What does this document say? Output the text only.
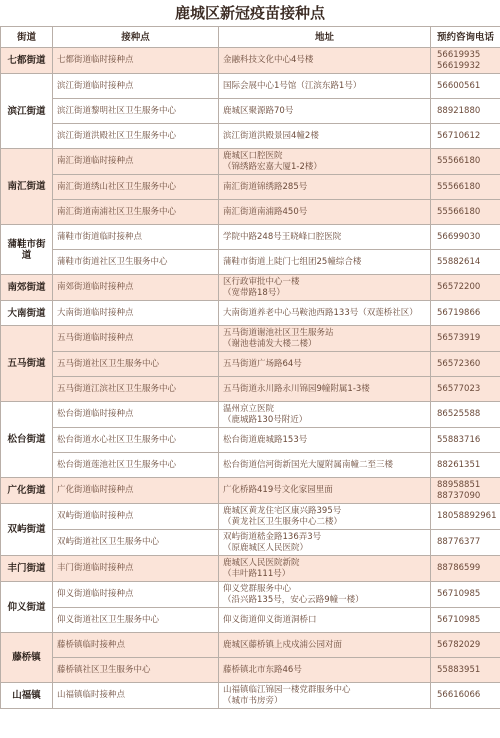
鹿城区新冠疫苗接种点
街道	接种点	地址	预约咨询电话
七都街道	七都街道临时接种点	金融科技文化中心4号楼	56619935
56619932
滨江街道	滨江街道临时接种点	国际会展中心1号馆（江滨东路1号）	56600561
	滨江街道黎明社区卫生服务中心	鹿城区聚源路70号	88921880
	滨江街道洪殿社区卫生服务中心	滨江街道洪殿景园4幢2楼	56710612
南汇街道	南汇街道临时接种点	鹿城区口腔医院
（锦绣路宏嘉大厦1-2楼）	55566180
	南汇街道绣山社区卫生服务中心	南汇街道锦绣路285号	55566180
	南汇街道南浦社区卫生服务中心	南汇街道南浦路450号	55566180
蒲鞋市街道	蒲鞋市街道临时接种点	学院中路248号王晓峰口腔医院	56699030
	蒲鞋市街道社区卫生服务中心	蒲鞋市街道上陡门七组团25幢综合楼	55882614
南郊街道	南郊街道临时接种点	区行政审批中心一楼
（宽带路18号）	56572200
大南街道	大南街道临时接种点	大南街道养老中心马鞍池西路133号（双莲桥社区）	56719866
五马街道	五马街道临时接种点	五马街道谢池社区卫生服务站
（谢池巷浦发大楼二楼）	56573919
	五马街道社区卫生服务中心	五马街道广场路64号	56572360
	五马街道江滨社区卫生服务中心	五马街道永川路永川锦园9幢附属1-3楼	56577023
松台街道	松台街道临时接种点	温州京立医院
（鹿城路130号附近）	86525588
	松台街道水心社区卫生服务中心	松台街道鹿城路153号	55883716
	松台街道莲池社区卫生服务中心	松台街道信河街新国光大厦附属南幢二至三楼	88261351
广化街道	广化街道临时接种点	广化桥路419号文化家园里面	88958851
88737090
双屿街道	双屿街道临时接种点	鹿城区黄龙住宅区康兴路395号
（黄龙社区卫生服务中心二楼）	18058892961
	双屿街道社区卫生服务中心	双屿街道嵇金路136弄3号
（原鹿城区人民医院）	88776377
丰门街道	丰门街道临时接种点	鹿城区人民医院新院
（丰叶路111号）	88786599
仰义街道	仰义街道临时接种点	仰义党群服务中心
（沿兴路135号，安心云路9幢一楼）	56710985
	仰义街道社区卫生服务中心	仰义街道仰义街道洞桥口	56710985
藤桥镇	藤桥镇临时接种点	鹿城区藤桥镇上戍戍浦公园对面	56782029
	藤桥镇社区卫生服务中心	藤桥镇北市东路46号	55883951
山福镇	山福镇临时接种点	山福镇临江锦园一楼党群服务中心
（城市书房旁）	56616066
